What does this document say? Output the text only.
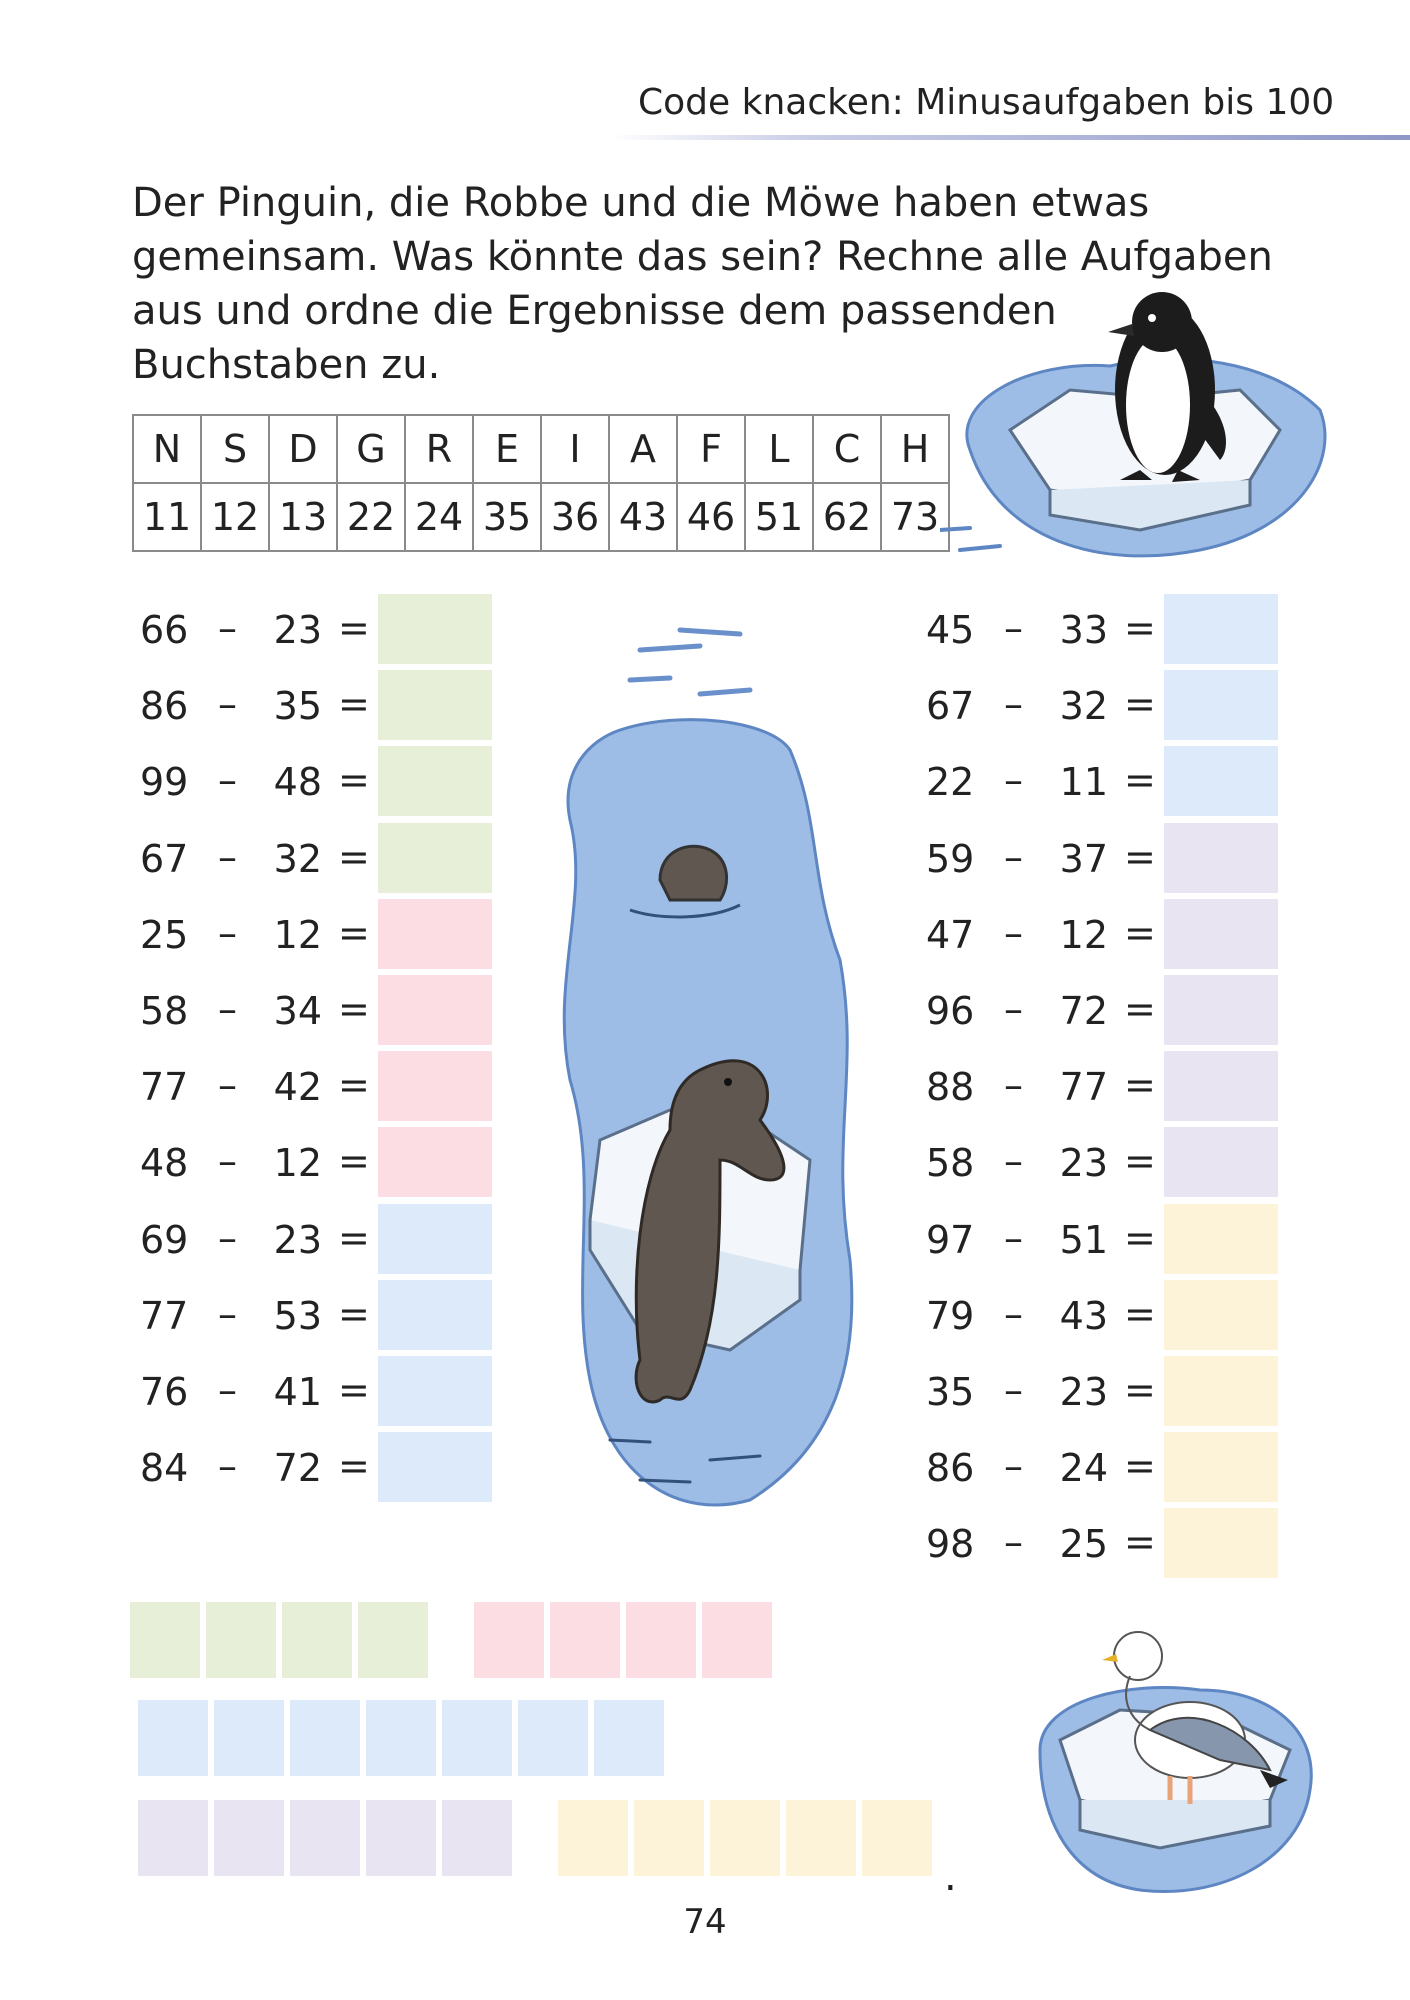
Code knacken: Minusaufgaben bis 100
Der Pinguin, die Robbe und die Möwe haben etwas
gemeinsam. Was könnte das sein? Rechne alle Aufgaben
aus und ordne die Ergebnisse dem passenden
Buchstaben zu.
N	S	D	G	R	E	I	A	F	L	C	H
11	12	13	22	24	35	36	43	46	51	62	73
66 – 23 =
86 – 35 =
99 – 48 =
67 – 32 =
25 – 12 =
58 – 34 =
77 – 42 =
48 – 12 =
69 – 23 =
77 – 53 =
76 – 41 =
84 – 72 =
45 – 33 =
67 – 32 =
22 – 11 =
59 – 37 =
47 – 12 =
96 – 72 =
88 – 77 =
58 – 23 =
97 – 51 =
79 – 43 =
35 – 23 =
86 – 24 =
98 – 25 =
.
74
